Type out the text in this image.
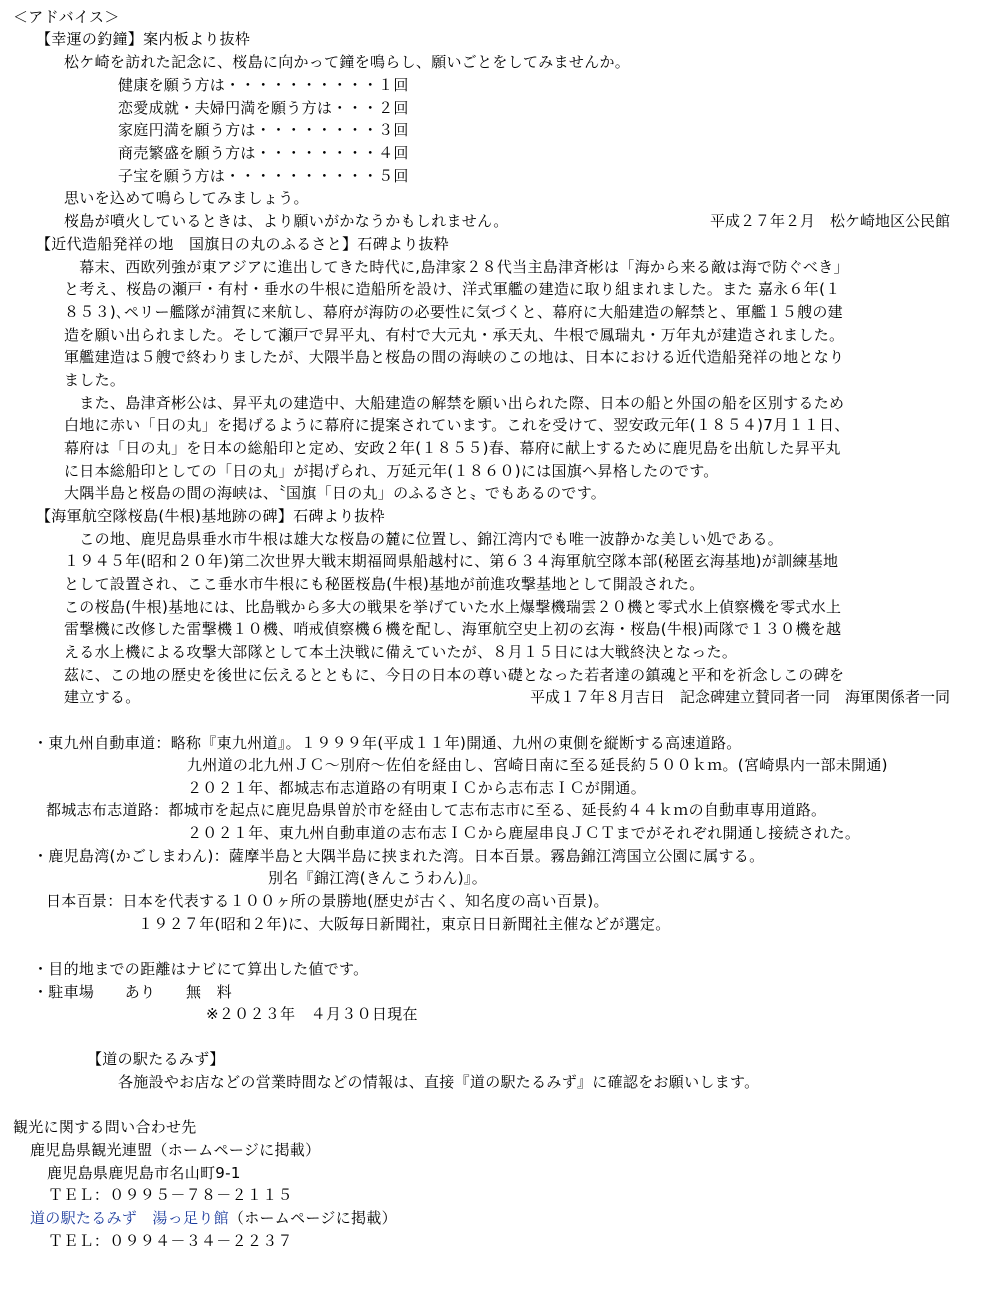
＜アドバイス＞
【幸運の釣鐘】案内板より抜枠
松ケ崎を訪れた記念に、桜島に向かって鐘を鳴らし、願いごとをしてみませんか。
健康を願う方は・・・・・・・・・・１回
恋愛成就・夫婦円満を願う方は・・・２回
家庭円満を願う方は・・・・・・・・３回
商売繁盛を願う方は・・・・・・・・４回
子宝を願う方は・・・・・・・・・・５回
思いを込めて鳴らしてみましょう。
桜島が噴火しているときは、より願いがかなうかもしれません。	平成２７年２月　松ケ崎地区公民館
【近代造船発祥の地　国旗日の丸のふるさと】石碑より抜粋
　幕末、西欧列強が東アジアに進出してきた時代に,島津家２８代当主島津斉彬は「海から来る敵は海で防ぐべき」
と考え、桜島の瀬戸・有村・垂水の牛根に造船所を設け、洋式軍艦の建造に取り組まれました。また 嘉永６年(１
８５３)､ペリー艦隊が浦賀に来航し、幕府が海防の必要性に気づくと、幕府に大船建造の解禁と、軍艦１５艘の建
造を願い出られました。そして瀬戸で昇平丸、有村で大元丸・承天丸、牛根で鳳瑞丸・万年丸が建造されました。
軍艦建造は５艘で終わりましたが、大隈半島と桜島の間の海峡のこの地は、日本における近代造船発祥の地となり
ました。
　また、島津斉彬公は、昇平丸の建造中、大船建造の解禁を願い出られた際、日本の船と外国の船を区別するため
白地に赤い「日の丸」を掲げるように幕府に提案されています。これを受けて、翌安政元年(１８５４)7月１１日、
幕府は「日の丸」を日本の総船印と定め、安政２年(１８５５)春、幕府に献上するために鹿児島を出航した昇平丸
に日本総船印としての「日の丸」が掲げられ、万延元年(１８６０)には国旗へ昇格したのです。
大隅半島と桜島の間の海峡は、〝国旗「日の丸」のふるさと〟でもあるのです。
【海軍航空隊桜島(牛根)基地跡の碑】石碑より抜枠
　この地、鹿児島県垂水市牛根は雄大な桜島の麓に位置し、錦江湾内でも唯一波静かな美しい処である。
１９４５年(昭和２０年)第二次世界大戦末期福岡県船越村に、第６３４海軍航空隊本部(秘匿玄海基地)が訓練基地
として設置され、ここ垂水市牛根にも秘匿桜島(牛根)基地が前進攻撃基地として開設された。
この桜島(牛根)基地には、比島戦から多大の戦果を挙げていた水上爆撃機瑞雲２０機と零式水上偵察機を零式水上
雷撃機に改修した雷撃機１０機、哨戒偵察機６機を配し、海軍航空史上初の玄海・桜島(牛根)両隊で１３０機を越
える水上機による攻撃大部隊として本土決戦に備えていたが、８月１５日には大戦終決となった。
茲に、この地の歴史を後世に伝えるとともに、今日の日本の尊い礎となった若者達の鎮魂と平和を祈念しこの碑を
建立する。	平成１７年８月吉日　記念碑建立賛同者一同　海軍関係者一同
・東九州自動車道：略称『東九州道』。１９９９年(平成１１年)開通、九州の東側を縦断する高速道路。
九州道の北九州ＪＣ～別府～佐伯を経由し、宮崎日南に至る延長約５００ｋｍ。(宮崎県内一部未開通)
２０２１年、都城志布志道路の有明東ＩＣから志布志ＩＣが開通。
都城志布志道路：都城市を起点に鹿児島県曽於市を経由して志布志市に至る、延長約４４ｋｍの自動車専用道路。
２０２１年、東九州自動車道の志布志ＩＣから鹿屋串良ＪＣＴまでがそれぞれ開通し接続された。
・鹿児島湾(かごしまわん)：薩摩半島と大隅半島に挟まれた湾。日本百景。霧島錦江湾国立公園に属する。
別名『錦江湾(きんこうわん)』。
日本百景：日本を代表する１００ヶ所の景勝地(歴史が古く、知名度の高い百景)。
１９２７年(昭和２年)に、大阪毎日新聞社，東京日日新聞社主催などが選定。
・目的地までの距離はナビにて算出した値です。
・駐車場　　あり　　無　料
※２０２３年　４月３０日現在
【道の駅たるみず】
各施設やお店などの営業時間などの情報は、直接『道の駅たるみず』に確認をお願いします。
観光に関する問い合わせ先
鹿児島県観光連盟（ホームページに掲載）
鹿児島県鹿児島市名山町9-1
ＴＥＬ：０９９５－７８－２１１５
道の駅たるみず　湯っ足り館（ホームページに掲載）
ＴＥＬ：０９９４－３４－２２３７
